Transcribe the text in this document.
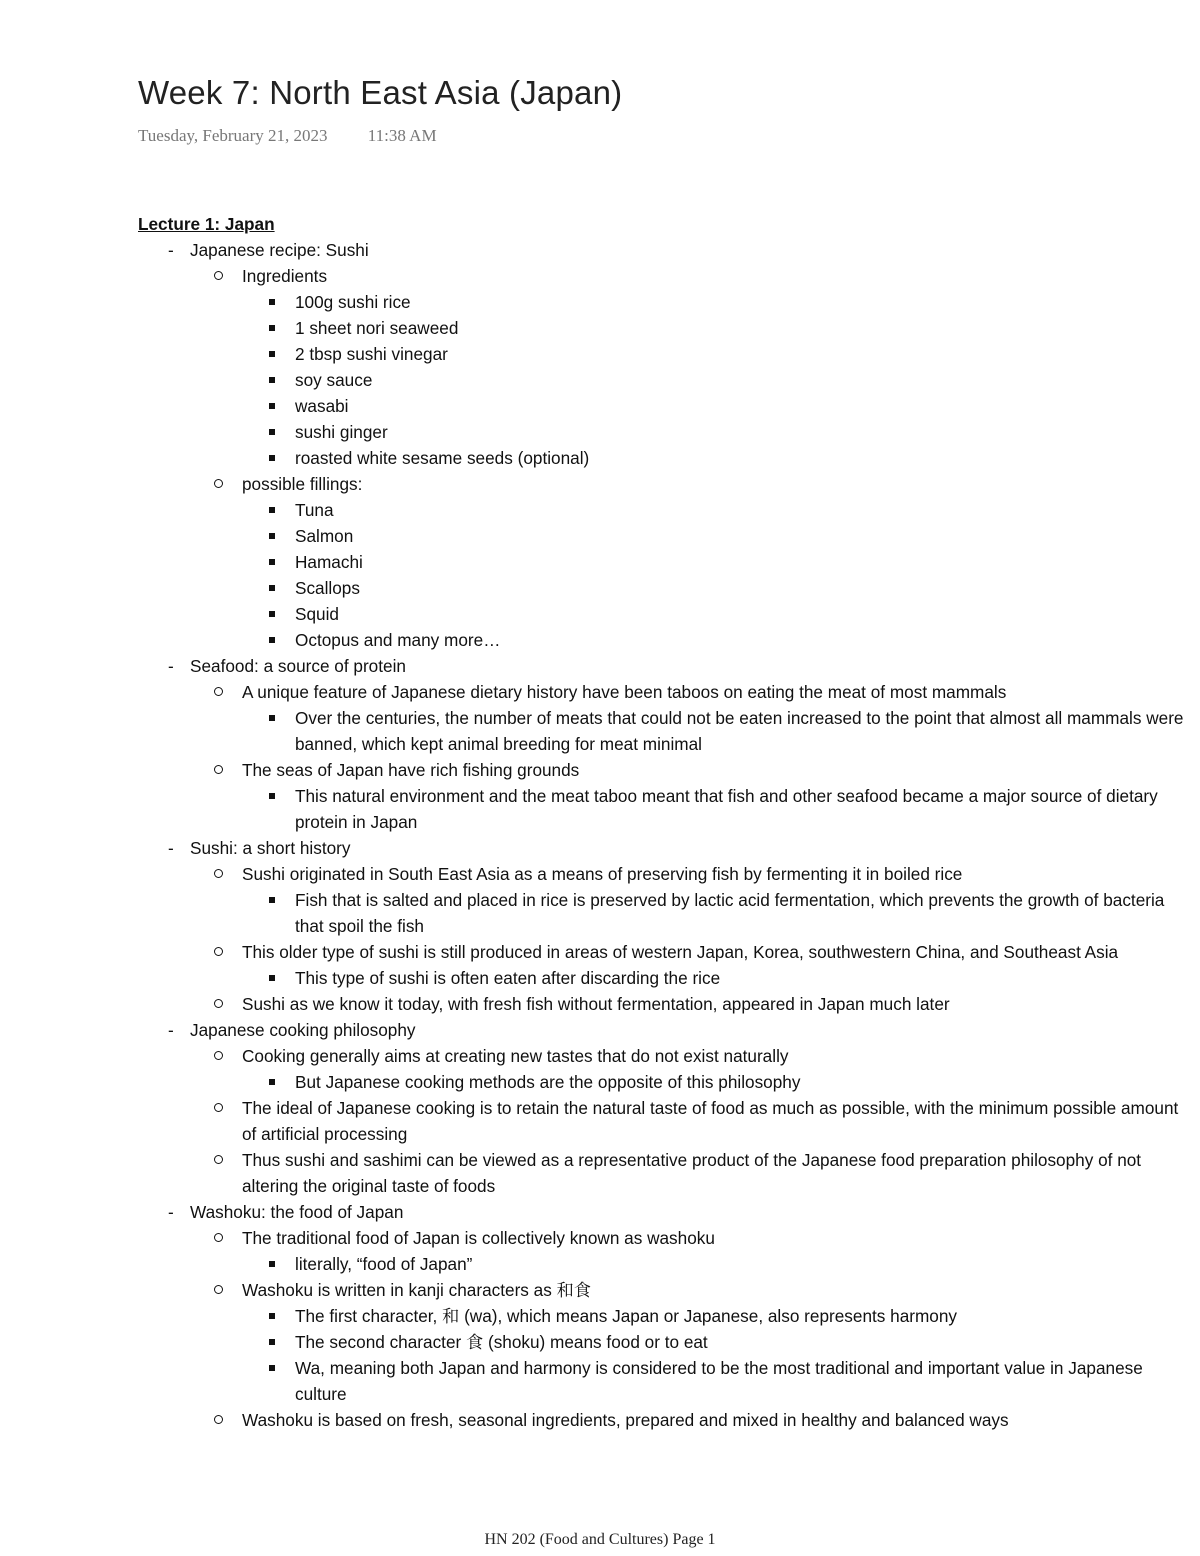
Week 7: North East Asia (Japan)
Tuesday, February 21, 2023 11:38 AM

Lecture 1: Japan

- Japanese recipe: Sushi
Ingredients
100g sushi rice
1 sheet nori seaweed
2 tbsp sushi vinegar
soy sauce
wasabi
sushi ginger
roasted white sesame seeds (optional)
possible fillings:
Tuna
Salmon
Hamachi
Scallops
Squid
Octopus and many more…
- Seafood: a source of protein
A unique feature of Japanese dietary history have been taboos on eating the meat of most mammals
Over the centuries, the number of meats that could not be eaten increased to the point that almost all mammals were banned, which kept animal breeding for meat minimal
The seas of Japan have rich fishing grounds
This natural environment and the meat taboo meant that fish and other seafood became a major source of dietary protein in Japan
- Sushi: a short history
Sushi originated in South East Asia as a means of preserving fish by fermenting it in boiled rice
Fish that is salted and placed in rice is preserved by lactic acid fermentation, which prevents the growth of bacteria that spoil the fish
This older type of sushi is still produced in areas of western Japan, Korea, southwestern China, and Southeast Asia
This type of sushi is often eaten after discarding the rice
Sushi as we know it today, with fresh fish without fermentation, appeared in Japan much later
- Japanese cooking philosophy
Cooking generally aims at creating new tastes that do not exist naturally
But Japanese cooking methods are the opposite of this philosophy
The ideal of Japanese cooking is to retain the natural taste of food as much as possible, with the minimum possible amount of artificial processing
Thus sushi and sashimi can be viewed as a representative product of the Japanese food preparation philosophy of not altering the original taste of foods
- Washoku: the food of Japan
The traditional food of Japan is collectively known as washoku
literally, “food of Japan”
Washoku is written in kanji characters as 和食
The first character, 和 (wa), which means Japan or Japanese, also represents harmony
The second character 食 (shoku) means food or to eat
Wa, meaning both Japan and harmony is considered to be the most traditional and important value in Japanese culture
Washoku is based on fresh, seasonal ingredients, prepared and mixed in healthy and balanced ways
HN 202 (Food and Cultures) Page 1
